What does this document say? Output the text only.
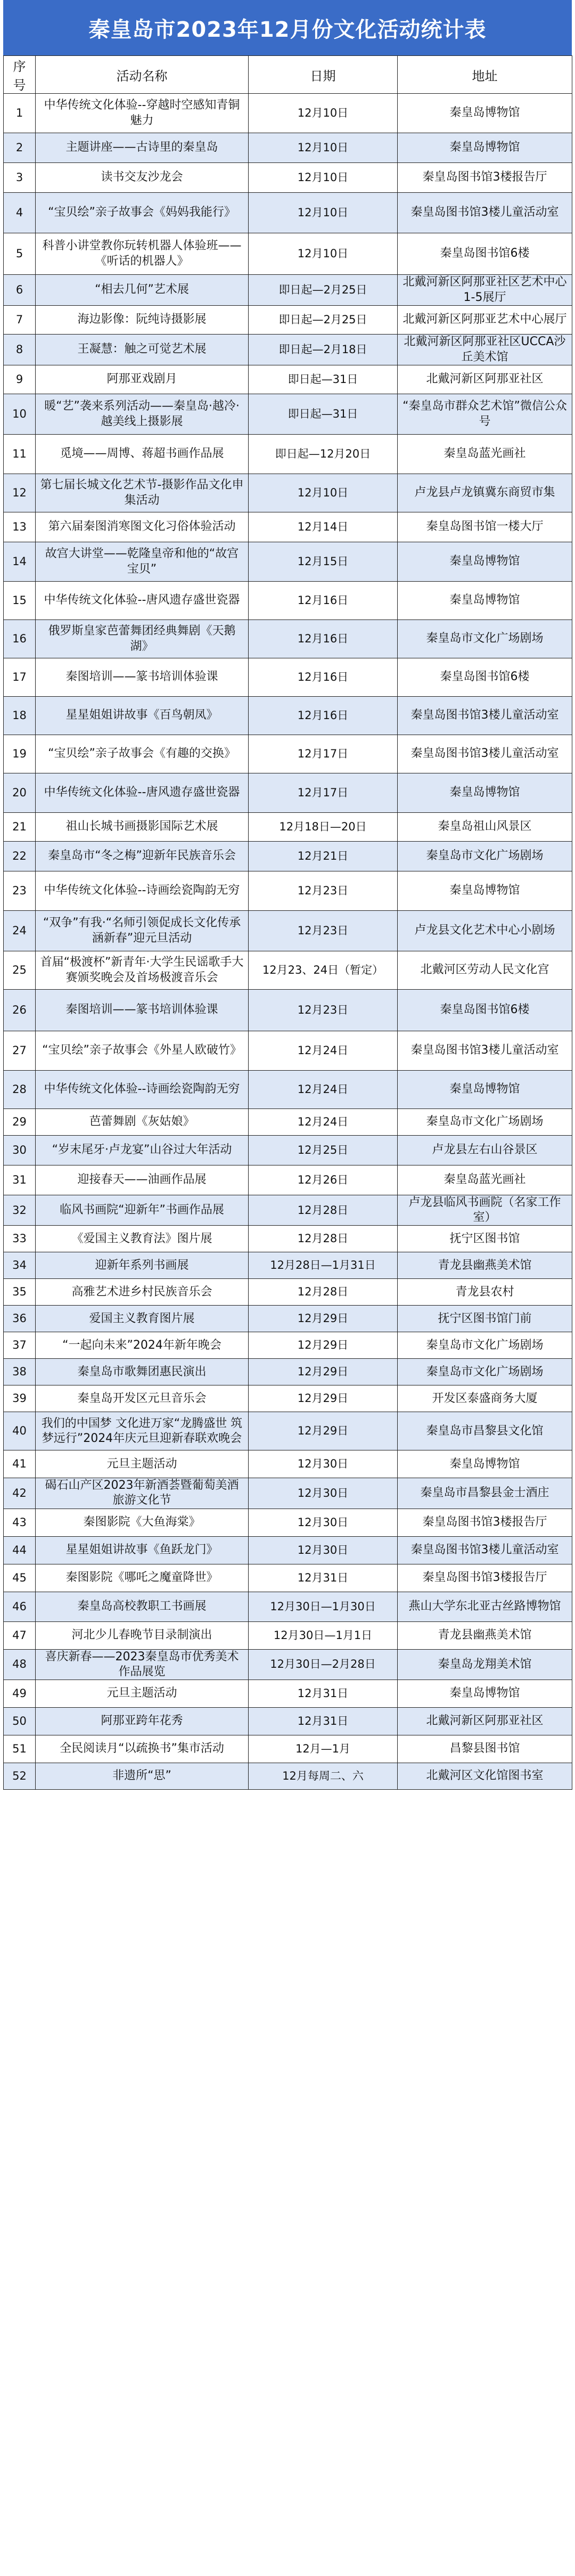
秦皇岛市2023年12月份文化活动统计表
序号	活动名称	日期	地址
1	中华传统文化体验--穿越时空感知青铜魅力	12月10日	秦皇岛博物馆
2	主题讲座——古诗里的秦皇岛	12月10日	秦皇岛博物馆
3	读书交友沙龙会	12月10日	秦皇岛图书馆3楼报告厅
4	“宝贝绘”亲子故事会《妈妈我能行》	12月10日	秦皇岛图书馆3楼儿童活动室
5	科普小讲堂教你玩转机器人体验班——《听话的机器人》	12月10日	秦皇岛图书馆6楼
6	“相去几何”艺术展	即日起—2月25日	北戴河新区阿那亚社区艺术中心1-5展厅
7	海边影像：阮纯诗摄影展	即日起—2月25日	北戴河新区阿那亚艺术中心展厅
8	王凝慧：触之可觉艺术展	即日起—2月18日	北戴河新区阿那亚社区UCCA沙丘美术馆
9	阿那亚戏剧月	即日起—31日	北戴河新区阿那亚社区
10	暖“艺”袭来系列活动——秦皇岛·越冷·越美线上摄影展	即日起—31日	“秦皇岛市群众艺术馆”微信公众号
11	觅境——周博、蒋超书画作品展	即日起—12月20日	秦皇岛蓝光画社
12	第七届长城文化艺术节-摄影作品文化申集活动	12月10日	卢龙县卢龙镇冀东商贸市集
13	第六届秦图消寒图文化习俗体验活动	12月14日	秦皇岛图书馆一楼大厅
14	故宫大讲堂——乾隆皇帝和他的“故宫宝贝”	12月15日	秦皇岛博物馆
15	中华传统文化体验--唐风遗存盛世瓷器	12月16日	秦皇岛博物馆
16	俄罗斯皇家芭蕾舞团经典舞剧《天鹅湖》	12月16日	秦皇岛市文化广场剧场
17	秦图培训——篆书培训体验课	12月16日	秦皇岛图书馆6楼
18	星星姐姐讲故事《百鸟朝凤》	12月16日	秦皇岛图书馆3楼儿童活动室
19	“宝贝绘”亲子故事会《有趣的交换》	12月17日	秦皇岛图书馆3楼儿童活动室
20	中华传统文化体验--唐风遗存盛世瓷器	12月17日	秦皇岛博物馆
21	祖山长城书画摄影国际艺术展	12月18日—20日	秦皇岛祖山风景区
22	秦皇岛市“冬之梅”迎新年民族音乐会	12月21日	秦皇岛市文化广场剧场
23	中华传统文化体验--诗画绘瓷陶韵无穷	12月23日	秦皇岛博物馆
24	“双争”有我·“名师引领促成长文化传承涵新春”迎元旦活动	12月23日	卢龙县文化艺术中心小剧场
25	首届“极渡杯”新青年·大学生民谣歌手大赛颁奖晚会及首场极渡音乐会	12月23、24日（暂定）	北戴河区劳动人民文化宫
26	秦图培训——篆书培训体验课	12月23日	秦皇岛图书馆6楼
27	“宝贝绘”亲子故事会《外星人欧破竹》	12月24日	秦皇岛图书馆3楼儿童活动室
28	中华传统文化体验--诗画绘瓷陶韵无穷	12月24日	秦皇岛博物馆
29	芭蕾舞剧《灰姑娘》	12月24日	秦皇岛市文化广场剧场
30	“岁末尾牙·卢龙宴”山谷过大年活动	12月25日	卢龙县左右山谷景区
31	迎接春天——油画作品展	12月26日	秦皇岛蓝光画社
32	临风书画院“迎新年”书画作品展	12月28日	卢龙县临风书画院（名家工作室）
33	《爱国主义教育法》图片展	12月28日	抚宁区图书馆
34	迎新年系列书画展	12月28日—1月31日	青龙县幽燕美术馆
35	高雅艺术进乡村民族音乐会	12月28日	青龙县农村
36	爱国主义教育图片展	12月29日	抚宁区图书馆门前
37	“一起向未来”2024年新年晚会	12月29日	秦皇岛市文化广场剧场
38	秦皇岛市歌舞团惠民演出	12月29日	秦皇岛市文化广场剧场
39	秦皇岛开发区元旦音乐会	12月29日	开发区泰盛商务大厦
40	我们的中国梦 文化进万家“龙腾盛世 筑梦远行”2024年庆元旦迎新春联欢晚会	12月29日	秦皇岛市昌黎县文化馆
41	元旦主题活动	12月30日	秦皇岛博物馆
42	碣石山产区2023年新酒荟暨葡萄美酒旅游文化节	12月30日	秦皇岛市昌黎县金士酒庄
43	秦图影院《大鱼海棠》	12月30日	秦皇岛图书馆3楼报告厅
44	星星姐姐讲故事《鱼跃龙门》	12月30日	秦皇岛图书馆3楼儿童活动室
45	秦图影院《哪吒之魔童降世》	12月31日	秦皇岛图书馆3楼报告厅
46	秦皇岛高校教职工书画展	12月30日—1月30日	燕山大学东北亚古丝路博物馆
47	河北少儿春晚节目录制演出	12月30日—1月1日	青龙县幽燕美术馆
48	喜庆新春——2023秦皇岛市优秀美术作品展览	12月30日—2月28日	秦皇岛龙翔美术馆
49	元旦主题活动	12月31日	秦皇岛博物馆
50	阿那亚跨年花秀	12月31日	北戴河新区阿那亚社区
51	全民阅读月“以疏换书”集市活动	12月—1月	昌黎县图书馆
52	非遗所“思”	12月每周二、六	北戴河区文化馆图书室
